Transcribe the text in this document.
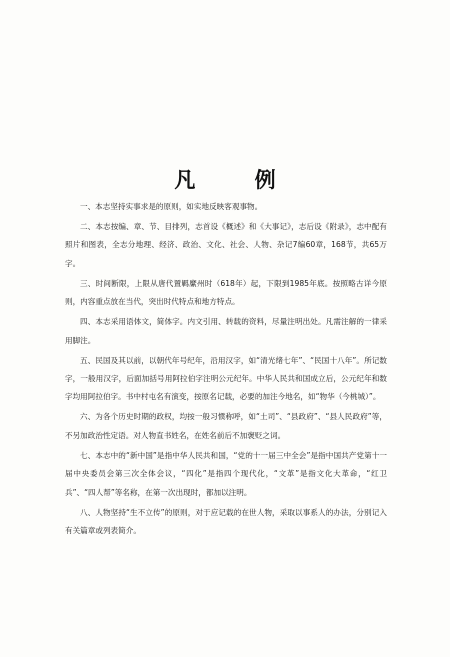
凡 例

一、本志坚持实事求是的原则，如实地反映客观事物。

二、本志按编、章、节、目排列，志首设《概述》和《大事记》，志后设《附录》，志中配有照片和图表，全志分地理、经济、政治、文化、社会、人物、杂记7编60章，168节，共65万字。

三、时间断限，上限从唐代置羁縻州时（618年）起，下限到1985年底。按照略古详今原则，内容重点放在当代，突出时代特点和地方特点。

四、本志采用语体文，简体字。内文引用、转载的资料，尽量注明出处。凡需注解的一律采用脚注。

五、民国及其以前，以朝代年号纪年，沿用汉字，如“清光绪七年”、“民国十八年”。所记数字，一般用汉字，后面加括号用阿拉伯字注明公元纪年。中华人民共和国成立后，公元纪年和数字均用阿拉伯字。书中村屯名有演变，按原名记载，必要的加注今地名，如“物华（今桃城）”。

六、为各个历史时期的政权，均按一般习惯称呼，如“土司”、“县政府”、“县人民政府”等，不另加政治性定语。对人物直书姓名，在姓名前后不加褒贬之词。

七、本志中的“新中国”是指中华人民共和国，“党的十一届三中全会”是指中国共产党第十一届中央委员会第三次全体会议，“四化”是指四个现代化，“文革”是指文化大革命，“红卫兵”、“四人帮”等名称，在第一次出现时，都加以注明。

八、人物坚持“生不立传”的原则，对于应记载的在世人物，采取以事系人的办法，分别记入有关篇章或列表简介。
